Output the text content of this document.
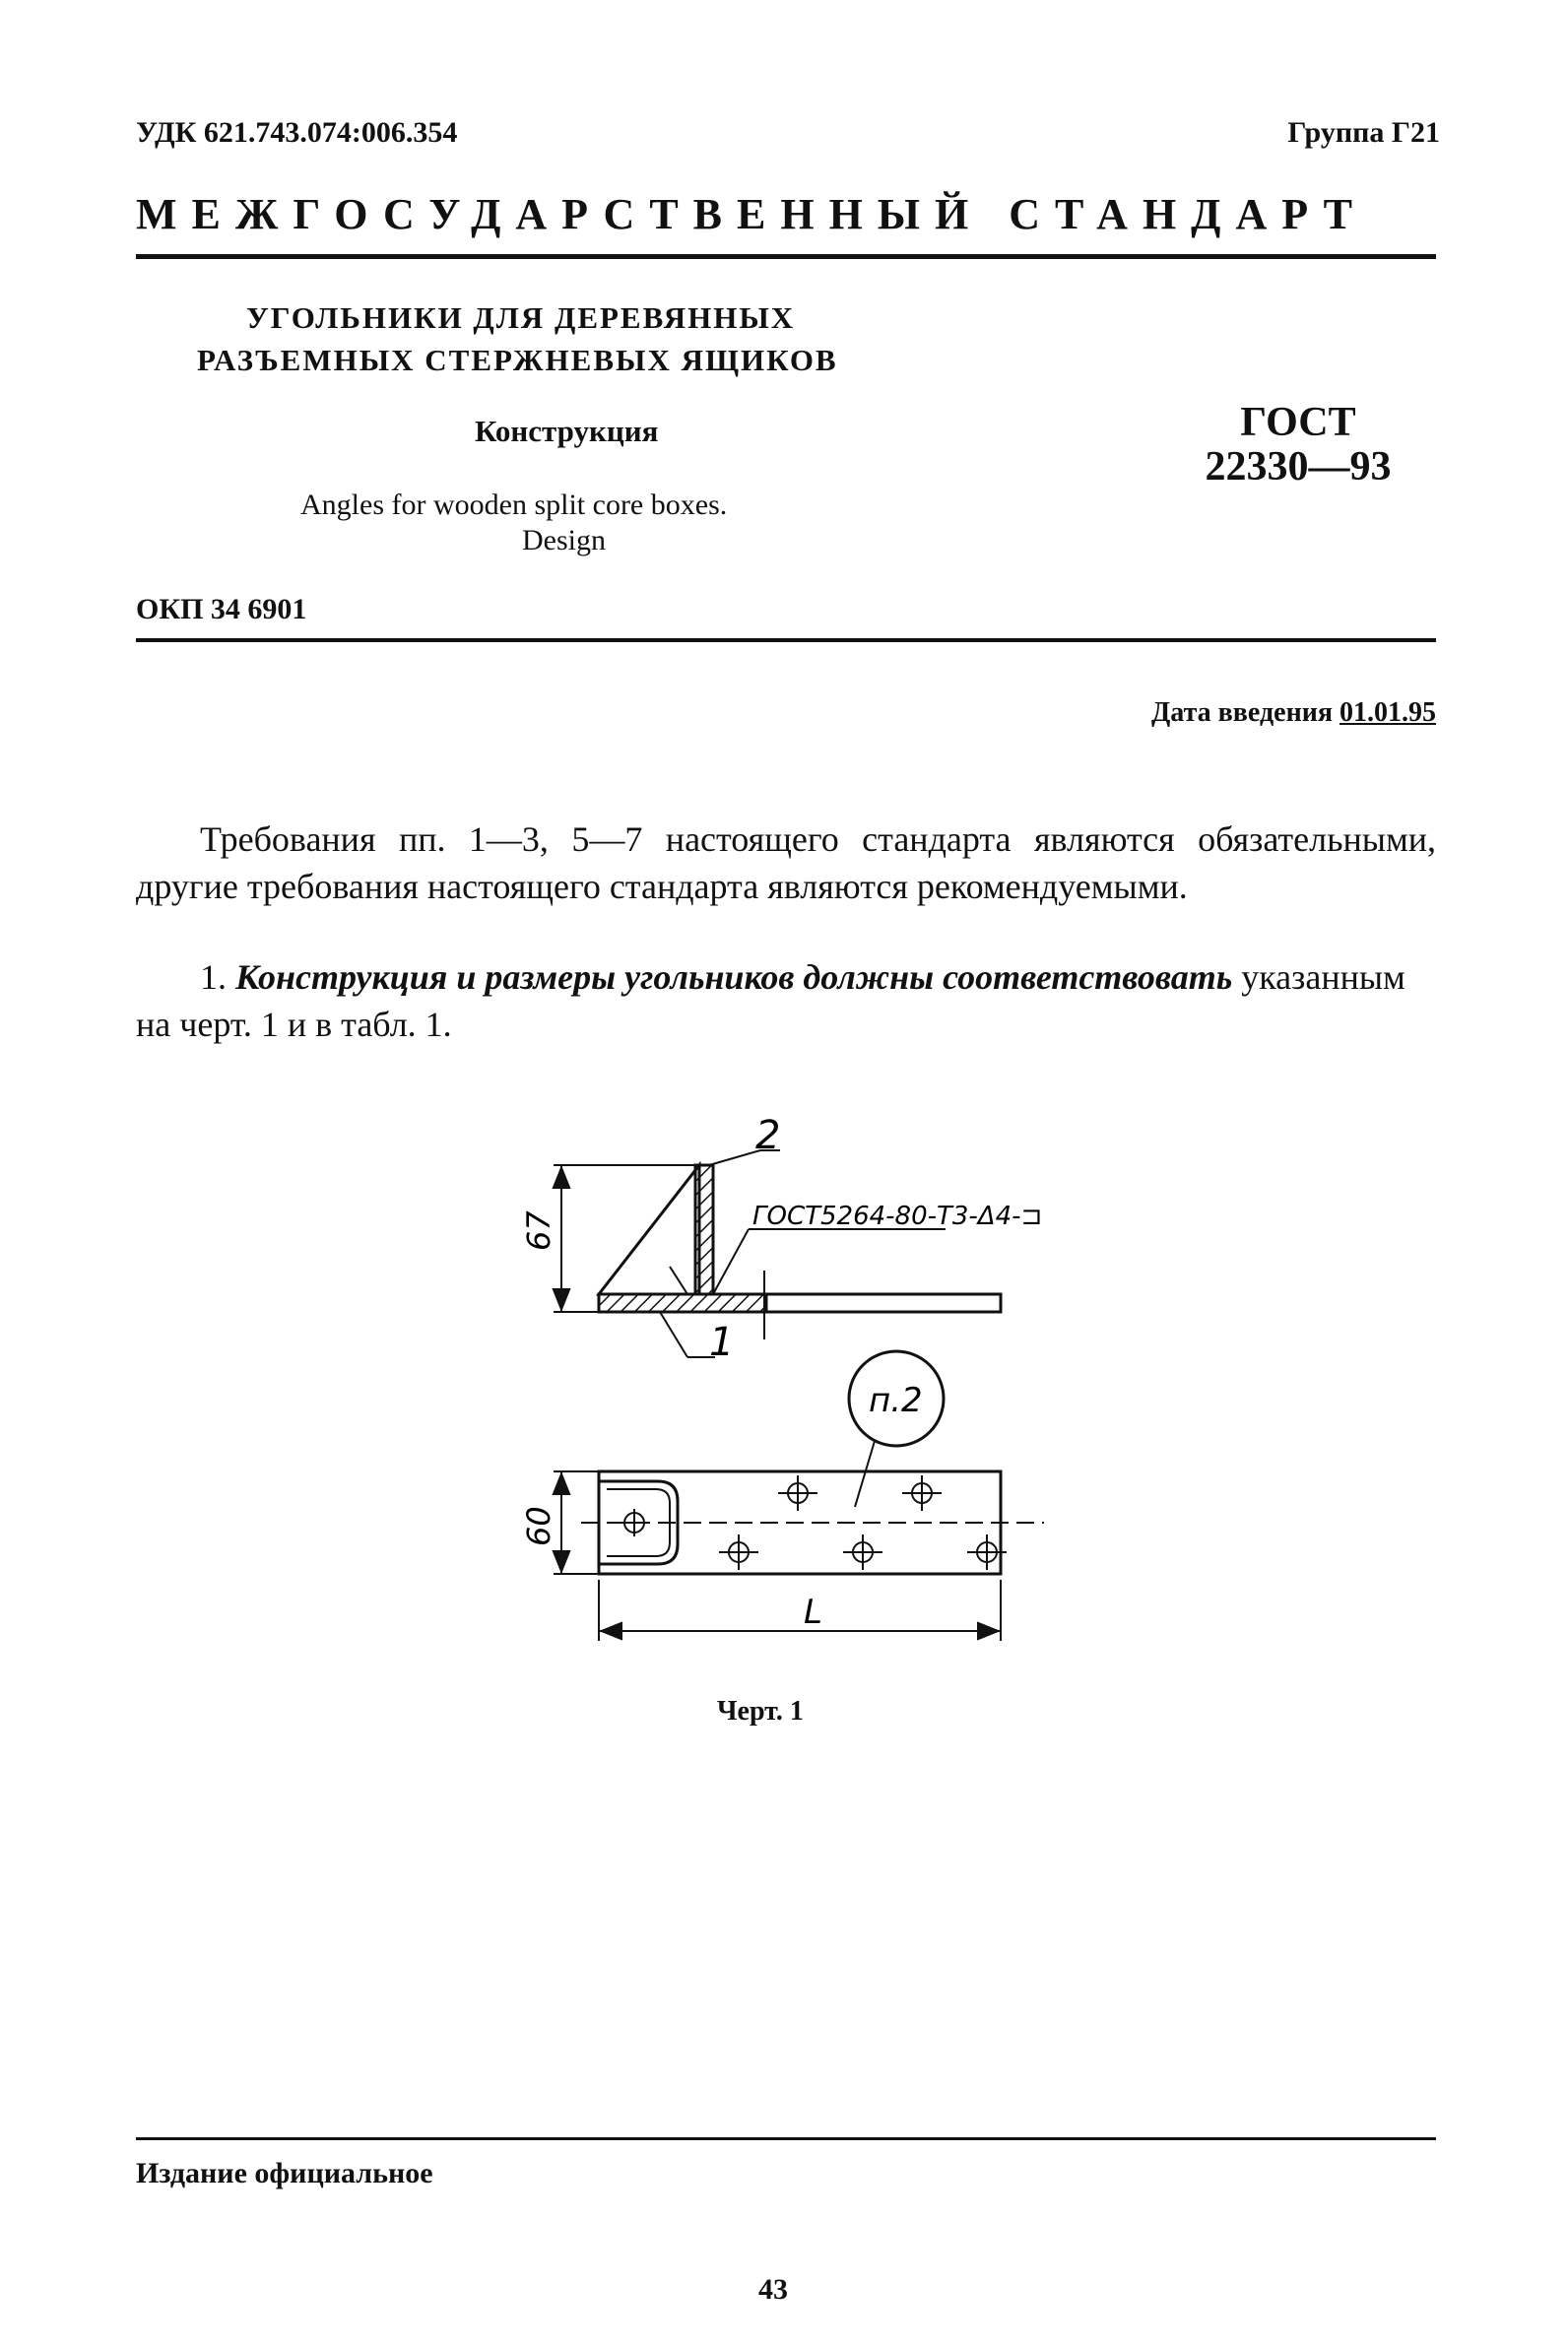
УДК 621.743.074:006.354	Группа Г21
МЕЖГОСУДАРСТВЕННЫЙ СТАНДАРТ
УГОЛЬНИКИ ДЛЯ ДЕРЕВЯННЫХ
РАЗЪЕМНЫХ СТЕРЖНЕВЫХ ЯЩИКОВ
Конструкция	ГОСТ
22330—93
Angles for wooden split core boxes.
Design
ОКП 34 6901
Дата введения 01.01.95
Требования пп. 1—3, 5—7 настоящего стандарта являются обязательными, другие требования настоящего стандарта являются рекомендуемыми.
1. Конструкция и размеры угольников должны соответствовать указанным на черт. 1 и в табл. 1.
2
1
67	ГОСТ5264-80-Т3-Δ4-⊐
п.2
60
L
Черт. 1
Издание официальное
43
